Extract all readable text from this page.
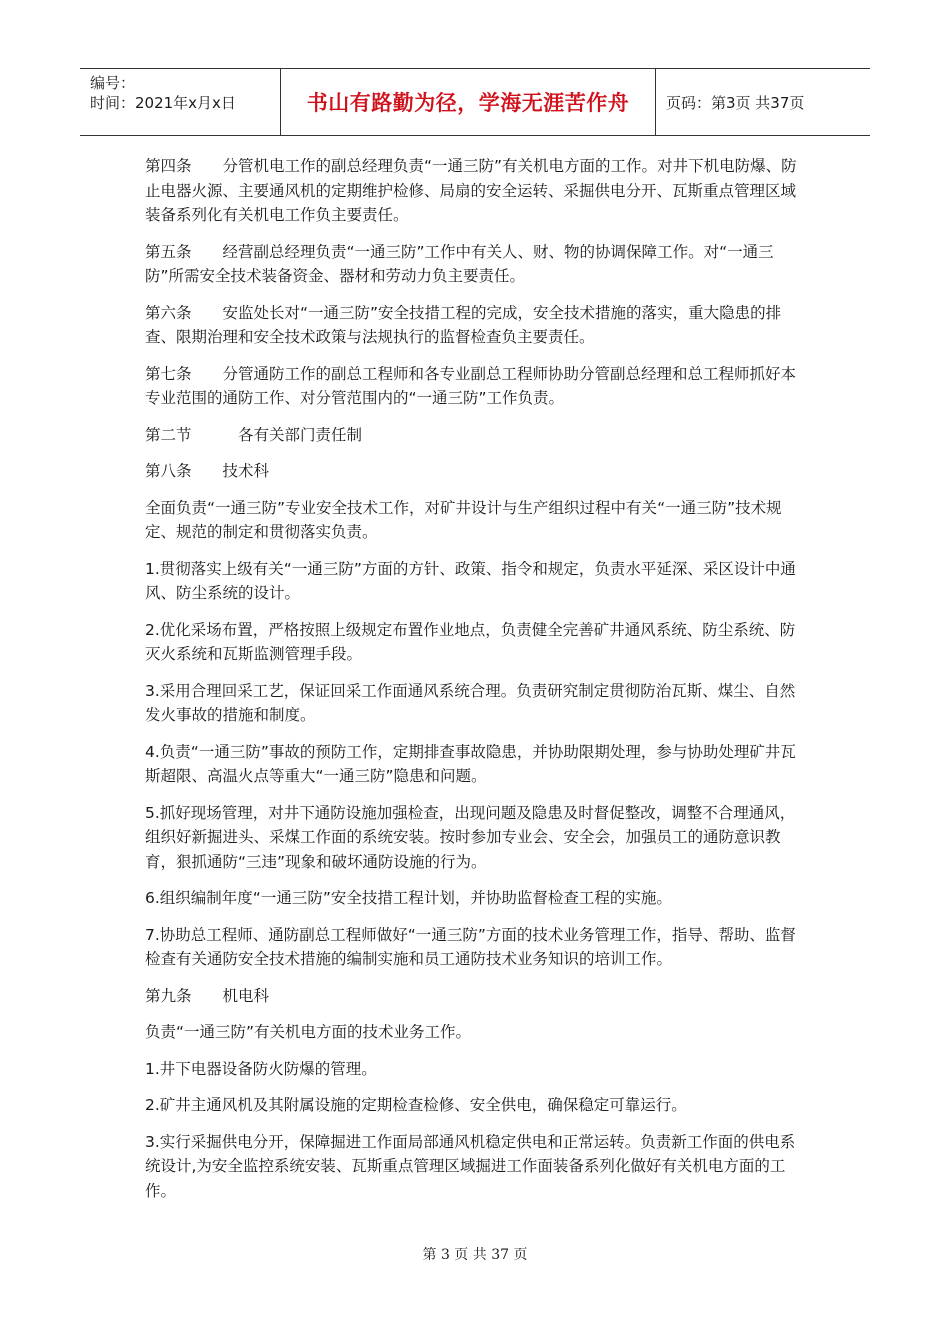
编号：
时间：2021年x月x日	书山有路勤为径，学海无涯苦作舟	页码：第3页 共37页

第四条　　分管机电工作的副总经理负责“一通三防”有关机电方面的工作。对井下机电防爆、防止电器火源、主要通风机的定期维护检修、局扇的安全运转、采掘供电分开、瓦斯重点管理区域装备系列化有关机电工作负主要责任。

第五条　　经营副总经理负责“一通三防”工作中有关人、财、物的协调保障工作。对“一通三防”所需安全技术装备资金、器材和劳动力负主要责任。

第六条　　安监处长对“一通三防”安全技措工程的完成，安全技术措施的落实，重大隐患的排查、限期治理和安全技术政策与法规执行的监督检查负主要责任。

第七条　　分管通防工作的副总工程师和各专业副总工程师协助分管副总经理和总工程师抓好本专业范围的通防工作、对分管范围内的“一通三防”工作负责。

第二节　　　各有关部门责任制

第八条　　技术科

全面负责“一通三防”专业安全技术工作，对矿井设计与生产组织过程中有关“一通三防”技术规定、规范的制定和贯彻落实负责。

1.贯彻落实上级有关“一通三防”方面的方针、政策、指令和规定，负责水平延深、采区设计中通风、防尘系统的设计。

2.优化采场布置，严格按照上级规定布置作业地点，负责健全完善矿井通风系统、防尘系统、防灭火系统和瓦斯监测管理手段。

3.采用合理回采工艺，保证回采工作面通风系统合理。负责研究制定贯彻防治瓦斯、煤尘、自然发火事故的措施和制度。

4.负责“一通三防”事故的预防工作，定期排查事故隐患，并协助限期处理，参与协助处理矿井瓦斯超限、高温火点等重大“一通三防”隐患和问题。

5.抓好现场管理，对井下通防设施加强检查，出现问题及隐患及时督促整改，调整不合理通风，组织好新掘进头、采煤工作面的系统安装。按时参加专业会、安全会，加强员工的通防意识教育，狠抓通防“三违”现象和破坏通防设施的行为。

6.组织编制年度“一通三防”安全技措工程计划，并协助监督检查工程的实施。

7.协助总工程师、通防副总工程师做好“一通三防”方面的技术业务管理工作，指导、帮助、监督检查有关通防安全技术措施的编制实施和员工通防技术业务知识的培训工作。

第九条　　机电科

负责“一通三防”有关机电方面的技术业务工作。

1.井下电器设备防火防爆的管理。

2.矿井主通风机及其附属设施的定期检查检修、安全供电，确保稳定可靠运行。

3.实行采掘供电分开，保障掘进工作面局部通风机稳定供电和正常运转。负责新工作面的供电系统设计,为安全监控系统安装、瓦斯重点管理区域掘进工作面装备系列化做好有关机电方面的工作。

第 3 页 共 37 页
